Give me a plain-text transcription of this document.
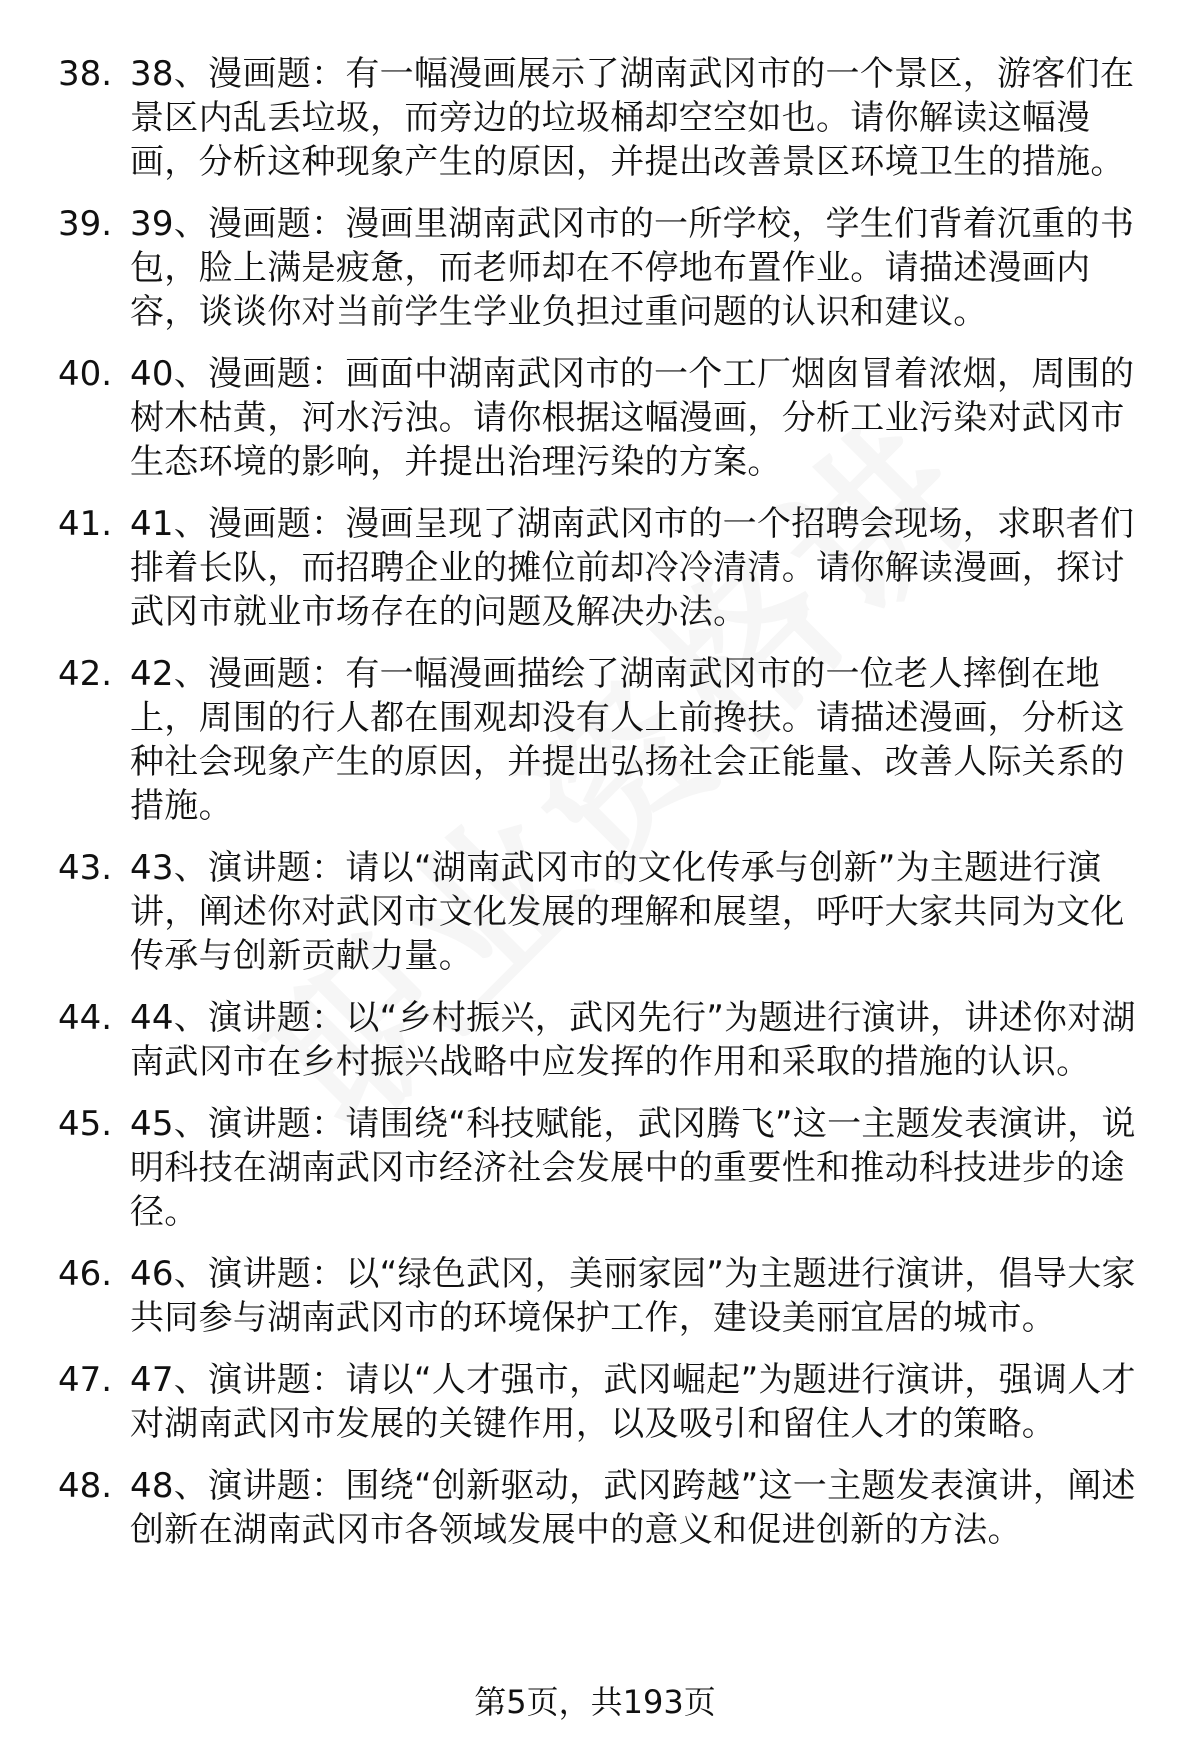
38. 38、漫画题：有一幅漫画展示了湖南武冈市的一个景区，游客们在景区内乱丢垃圾，而旁边的垃圾桶却空空如也。请你解读这幅漫画，分析这种现象产生的原因，并提出改善景区环境卫生的措施。
39. 39、漫画题：漫画里湖南武冈市的一所学校，学生们背着沉重的书包，脸上满是疲惫，而老师却在不停地布置作业。请描述漫画内容，谈谈你对当前学生学业负担过重问题的认识和建议。
40. 40、漫画题：画面中湖南武冈市的一个工厂烟囱冒着浓烟，周围的树木枯黄，河水污浊。请你根据这幅漫画，分析工业污染对武冈市生态环境的影响，并提出治理污染的方案。
41. 41、漫画题：漫画呈现了湖南武冈市的一个招聘会现场，求职者们排着长队，而招聘企业的摊位前却冷冷清清。请你解读漫画，探讨武冈市就业市场存在的问题及解决办法。
42. 42、漫画题：有一幅漫画描绘了湖南武冈市的一位老人摔倒在地上，周围的行人都在围观却没有人上前搀扶。请描述漫画，分析这种社会现象产生的原因，并提出弘扬社会正能量、改善人际关系的措施。
43. 43、演讲题：请以“湖南武冈市的文化传承与创新”为主题进行演讲，阐述你对武冈市文化发展的理解和展望，呼吁大家共同为文化传承与创新贡献力量。
44. 44、演讲题：以“乡村振兴，武冈先行”为题进行演讲，讲述你对湖南武冈市在乡村振兴战略中应发挥的作用和采取的措施的认识。
45. 45、演讲题：请围绕“科技赋能，武冈腾飞”这一主题发表演讲，说明科技在湖南武冈市经济社会发展中的重要性和推动科技进步的途径。
46. 46、演讲题：以“绿色武冈，美丽家园”为主题进行演讲，倡导大家共同参与湖南武冈市的环境保护工作，建设美丽宜居的城市。
47. 47、演讲题：请以“人才强市，武冈崛起”为题进行演讲，强调人才对湖南武冈市发展的关键作用，以及吸引和留住人才的策略。
48. 48、演讲题：围绕“创新驱动，武冈跨越”这一主题发表演讲，阐述创新在湖南武冈市各领域发展中的意义和促进创新的方法。
第5页，共193页
